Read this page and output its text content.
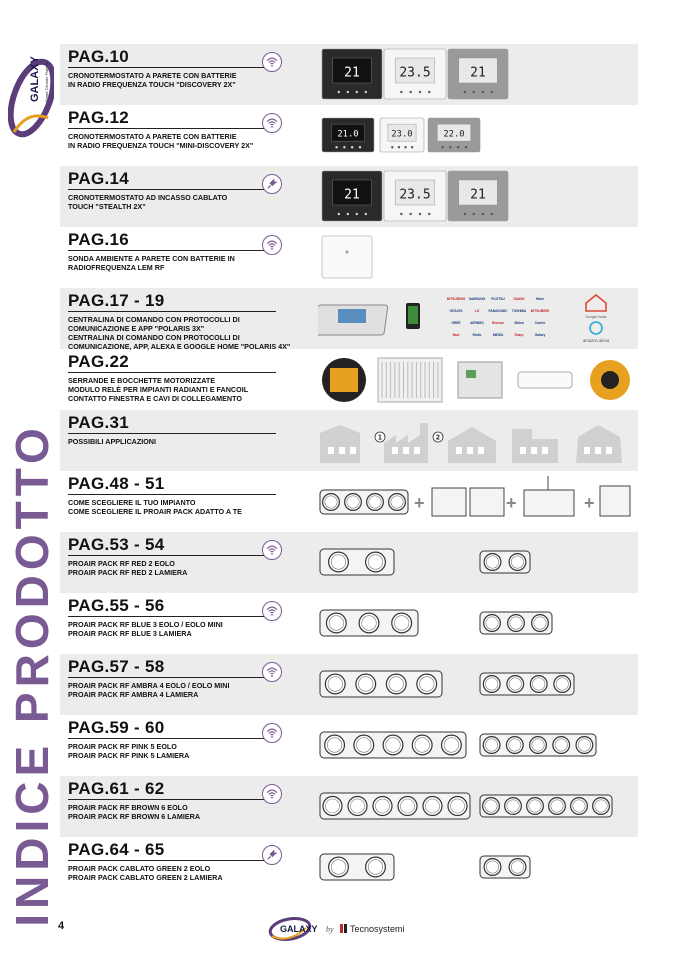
GALAXY Smart Climate Platform
INDICE PRODOTTO
PAG.10
CRONOTERMOSTATO A PARETE CON BATTERIE
IN RADIO FREQUENZA TOUCH "DISCOVERY 2X"
21	23.5	21
PAG.12
CRONOTERMOSTATO A PARETE CON BATTERIE
IN RADIO FREQUENZA TOUCH "MINI-DISCOVERY 2X"
21.0	23.0	22.0
PAG.14
CRONOTERMOSTATO AD INCASSO CABLATO
TOUCH "STEALTH 2X"
21	23.5	21
PAG.16
SONDA AMBIENTE A PARETE CON BATTERIE IN
RADIOFREQUENZA LEM RF
PAG.17 - 19
CENTRALINA DI COMANDO CON PROTOCOLLI DI
COMUNICAZIONE E APP "POLARIS 3X"
CENTRALINA DI COMANDO CON PROTOCOLLI DI
COMUNICAZIONE, APP, ALEXA E GOOGLE HOME "POLARIS 4X"
MITSUBISHI SAMSUNG FUJITSU	DAIKIN	Haier
HITACHI	LG	PANASONIC TOSHIBA MITSUBISHI
GREE	AERMEC Hisense	Midea	Carrier
Baxi	Riello	MIDEA	Sharp	Galaxy
Google Home
amazon alexa
PAG.22
SERRANDE E BOCCHETTE MOTORIZZATE
MODULO RELÈ PER IMPIANTI RADIANTI E FANCOIL
CONTATTO FINESTRA E CAVI DI COLLEGAMENTO
PAG.31
POSSIBILI APPLICAZIONI	1	2
PAG.48 - 51
COME SCEGLIERE IL TUO IMPIANTO
COME SCEGLIERE IL PROAIR PACK ADATTO A TE	+	+	+
PAG.53 - 54
PROAIR PACK RF RED 2 EOLO
PROAIR PACK RF RED 2 LAMIERA
PAG.55 - 56
PROAIR PACK RF BLUE 3 EOLO / EOLO MINI
PROAIR PACK RF BLUE 3 LAMIERA
PAG.57 - 58
PROAIR PACK RF AMBRA 4 EOLO / EOLO MINI
PROAIR PACK RF AMBRA 4 LAMIERA
PAG.59 - 60
PROAIR PACK RF PINK 5 EOLO
PROAIR PACK RF PINK 5 LAMIERA
PAG.61 - 62
PROAIR PACK RF BROWN 6 EOLO
PROAIR PACK RF BROWN 6 LAMIERA
PAG.64 - 65
PROAIR PACK CABLATO GREEN 2 EOLO
PROAIR PACK CABLATO GREEN 2 LAMIERA
4	GALAXY by Tecnosystemi
